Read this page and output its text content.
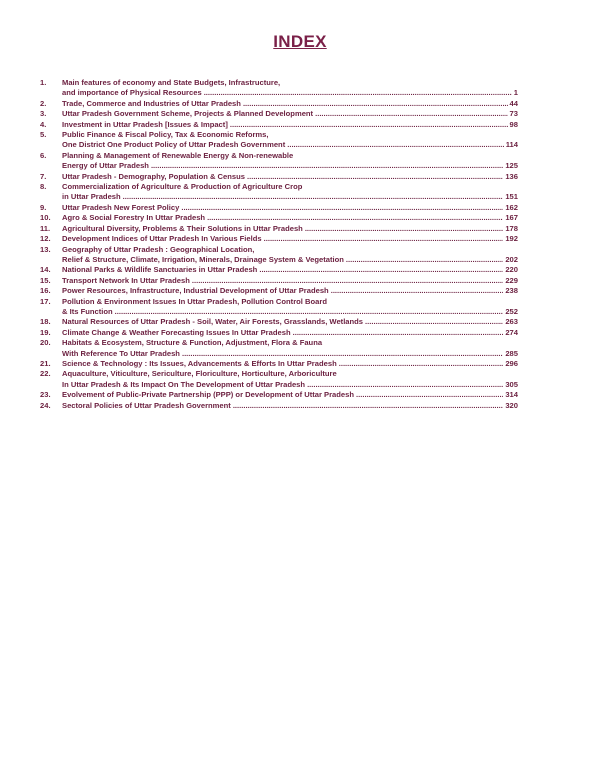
INDEX
1.	Main features of economy and State Budgets, Infrastructure,
and importance of Physical Resources .....	1
2.	Trade, Commerce and Industries of Uttar Pradesh .....	44
3.	Uttar Pradesh Government Scheme, Projects & Planned Development .....	73
4.	Investment in Uttar Pradesh [Issues & Impact] .....	98
5.	Public Finance & Fiscal Policy, Tax & Economic Reforms,
One District One Product Policy of Uttar Pradesh Government .....	114
6.	Planning & Management of Renewable Energy & Non-renewable
Energy of Uttar Pradesh .....	125
7.	Uttar Pradesh - Demography, Population & Census .....	136
8.	Commercialization of Agriculture & Production of Agriculture Crop
in Uttar Pradesh .....	151
9.	Uttar Pradesh New Forest Policy .....	162
10.	Agro & Social Forestry In Uttar Pradesh .....	167
11.	Agricultural Diversity, Problems & Their Solutions in Uttar Pradesh .....	178
12.	Development Indices of Uttar Pradesh In Various Fields .....	192
13.	Geography of Uttar Pradesh : Geographical Location,
Relief & Structure, Climate, Irrigation, Minerals, Drainage System & Vegetation .....	202
14.	National Parks & Wildlife Sanctuaries in Uttar Pradesh .....	220
15.	Transport Network In Uttar Pradesh .....	229
16.	Power Resources, Infrastructure, Industrial Development of Uttar Pradesh .....	238
17.	Pollution & Environment Issues In Uttar Pradesh, Pollution Control Board
& Its Function .....	252
18.	Natural Resources of Uttar Pradesh - Soil, Water, Air Forests, Grasslands, Wetlands .....	263
19.	Climate Change & Weather Forecasting Issues In Uttar Pradesh .....	274
20.	Habitats & Ecosystem, Structure & Function, Adjustment, Flora & Fauna
With Reference To Uttar Pradesh .....	285
21.	Science & Technology : Its Issues, Advancements & Efforts In Uttar Pradesh .....	296
22.	Aquaculture, Viticulture, Sericulture, Floriculture, Horticulture, Arboriculture
In Uttar Pradesh & Its Impact On The Development of Uttar Pradesh .....	305
23.	Evolvement of Public-Private Partnership (PPP) or Development of Uttar Pradesh .....	314
24.	Sectoral Policies of Uttar Pradesh Government .....	320
